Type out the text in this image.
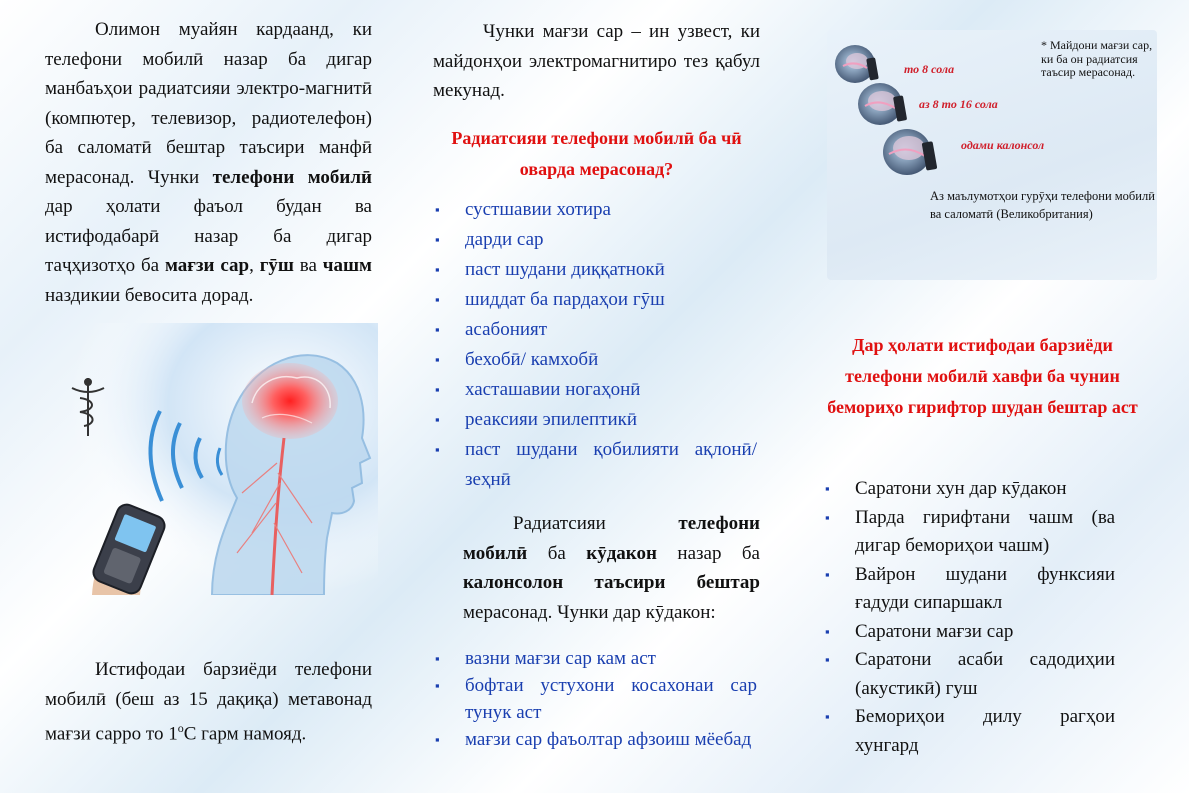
Олимон муайян кардаанд, ки телефони мобилӣ назар ба дигар манбаъҳои радиатсияи электро-магнитӣ (компютер, телевизор, радиотелефон) ба саломатӣ бештар таъсири манфӣ мерасонад. Чунки телефони мобилӣ дар ҳолати фаъол будан ва истифодабарӣ назар ба дигар таҷҳизотҳо ба мағзи сар, гӯш ва чашм наздикии бевосита дорад.
Истифодаи барзиёди телефони мобилӣ (беш аз 15 дақиқа) метавонад мағзи сарро то $1^оС$ гарм намояд.
Чунки мағзи сар – ин узвест, ки майдонҳои электромагнитиро тез қабул мекунад.
Радиатсияи телефони мобилӣ ба чӣ оварда мерасонад?
▪ сустшавии хотира
▪ дарди сар
▪ паст шудани диққатнокӣ
▪ шиддат ба пардаҳои гӯш
▪ асабоният
▪ бехобӣ/ камхобӣ
▪ хасташавии ногаҳонӣ
▪ реаксияи эпилептикӣ
▪ паст шудани қобилияти ақлонӣ/зеҳнӣ
Радиатсияи телефони мобилӣ ба кӯдакон назар ба калонсолон таъсири бештар мерасонад. Чунки дар кӯдакон:
▪ вазни мағзи сар кам аст
▪ бофтаи устухони косахонаи сар тунук аст
▪ мағзи сар фаъолтар афзоиш мёебад
то 8 сола
аз 8 то 16 сола
одами калонсол
* Майдони мағзи сар, ки ба он радиатсия таъсир мерасонад.
Аз маълумотҳои гурӯҳи телефони мобилӣ ва саломатӣ (Великобритания)
Дар ҳолати истифодаи барзиёди телефони мобилӣ хавфи ба чунин бемориҳо гирифтор шудан бештар аст
▪ Саратони хун дар кӯдакон
▪ Парда гирифтани чашм (ва дигар бемориҳои чашм)
▪ Вайрон шудани функсияи ғадуди сипаршакл
▪ Саратони мағзи сар
▪ Саратони асаби садодиҳии (акустикӣ) гуш
▪ Бемориҳои дилу рагҳои хунгард
